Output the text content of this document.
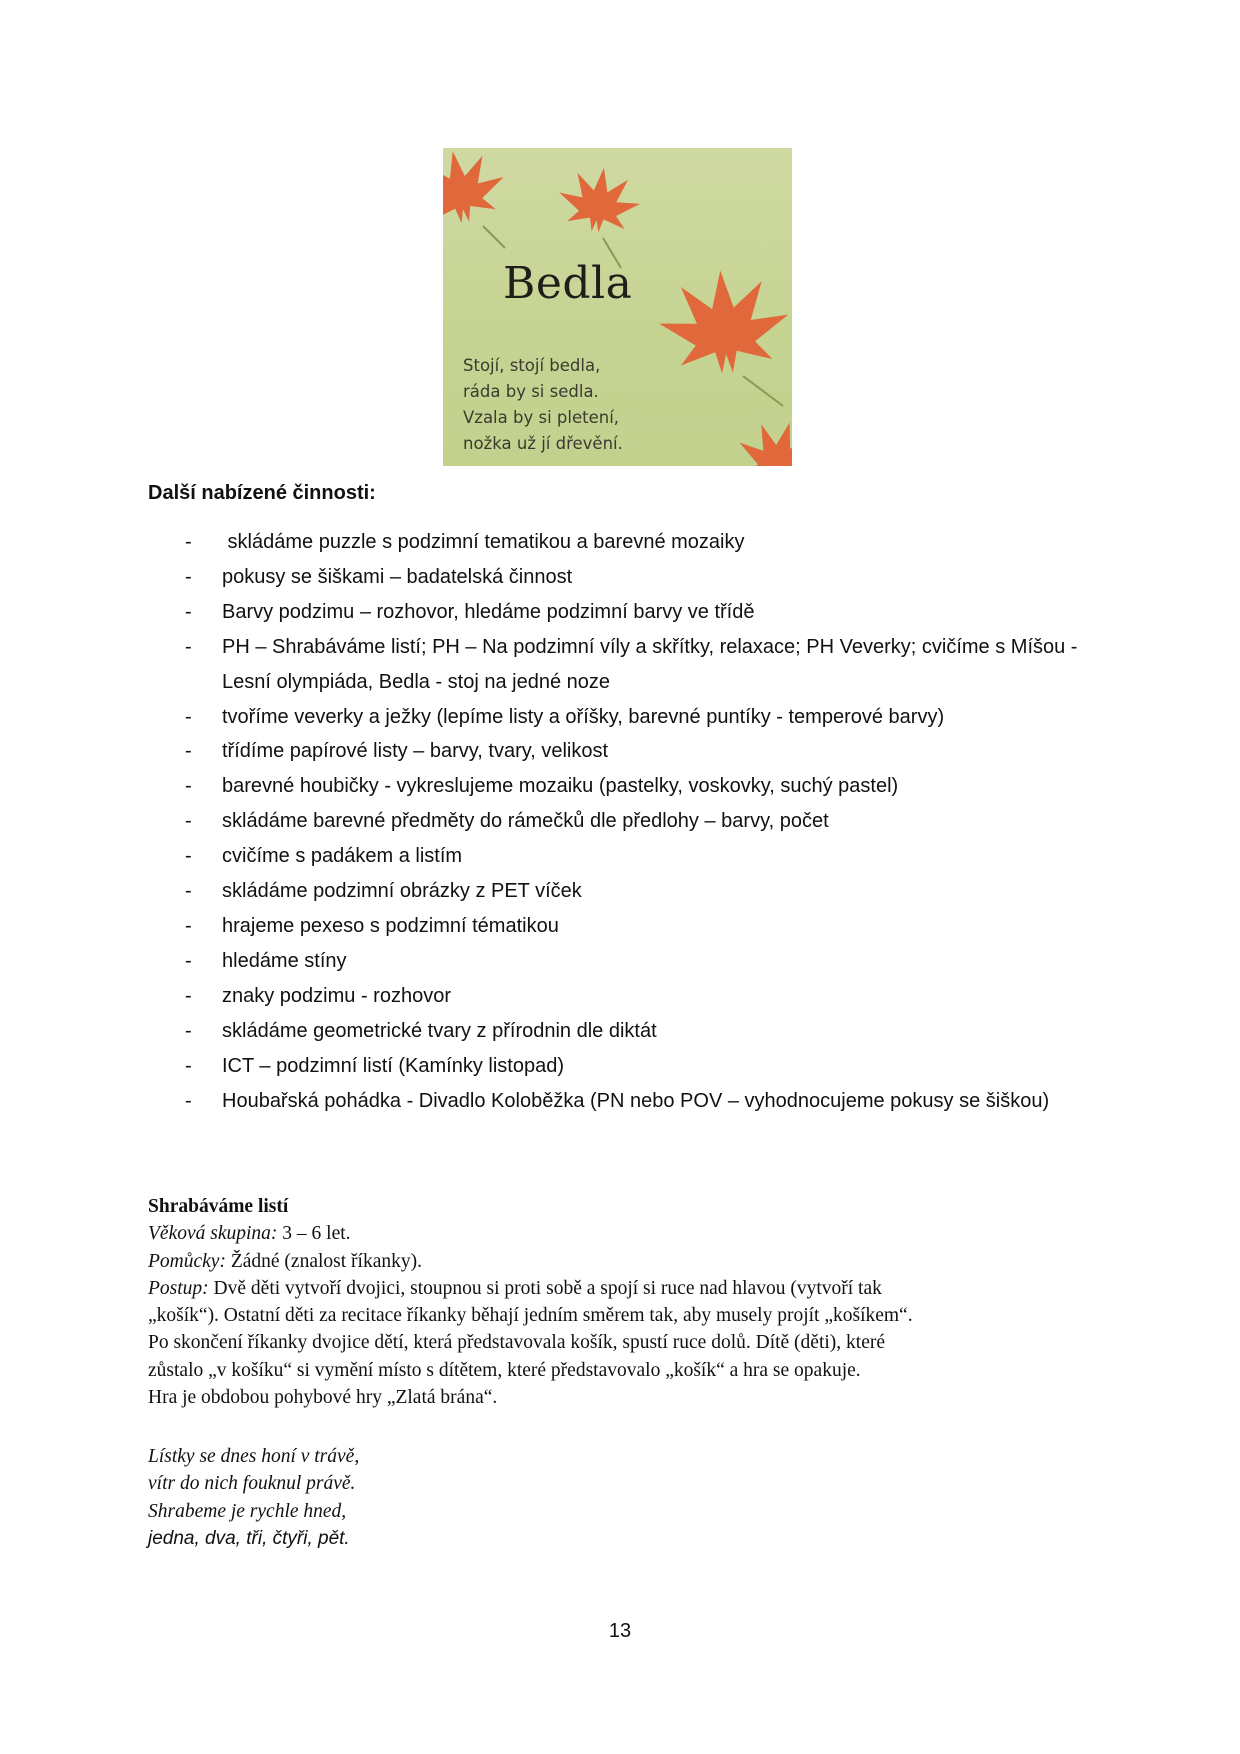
Bedla
Stojí, stojí bedla,
ráda by si sedla.
Vzala by si pletení,
nožka už jí dřevění.
Další nabízené činnosti:
- skládáme puzzle s podzimní tematikou a barevné mozaiky
- pokusy se šiškami – badatelská činnost
- Barvy podzimu – rozhovor, hledáme podzimní barvy ve třídě
- PH – Shrabáváme listí; PH – Na podzimní víly a skřítky, relaxace; PH Veverky; cvičíme s Míšou - Lesní olympiáda, Bedla - stoj na jedné noze
- tvoříme veverky a ježky (lepíme listy a oříšky, barevné puntíky - temperové barvy)
- třídíme papírové listy – barvy, tvary, velikost
- barevné houbičky - vykreslujeme mozaiku (pastelky, voskovky, suchý pastel)
- skládáme barevné předměty do rámečků dle předlohy – barvy, počet
- cvičíme s padákem a listím
- skládáme podzimní obrázky z PET víček
- hrajeme pexeso s podzimní tématikou
- hledáme stíny
- znaky podzimu - rozhovor
- skládáme geometrické tvary z přírodnin dle diktát
- ICT – podzimní listí (Kamínky listopad)
- Houbařská pohádka - Divadlo Koloběžka (PN nebo POV – vyhodnocujeme pokusy se šiškou)
Shrabáváme listí
Věková skupina: 3 – 6 let.
Pomůcky: Žádné (znalost říkanky).
Postup: Dvě děti vytvoří dvojici, stoupnou si proti sobě a spojí si ruce nad hlavou (vytvoří tak
„košík“). Ostatní děti za recitace říkanky běhají jedním směrem tak, aby musely projít „košíkem“.
Po skončení říkanky dvojice dětí, která představovala košík, spustí ruce dolů. Dítě (děti), které
zůstalo „v košíku“ si vymění místo s dítětem, které představovalo „košík“ a hra se opakuje.
Hra je obdobou pohybové hry „Zlatá brána“.
Lístky se dnes honí v trávě,
vítr do nich fouknul právě.
Shrabeme je rychle hned,
jedna, dva, tři, čtyři, pět.
13
